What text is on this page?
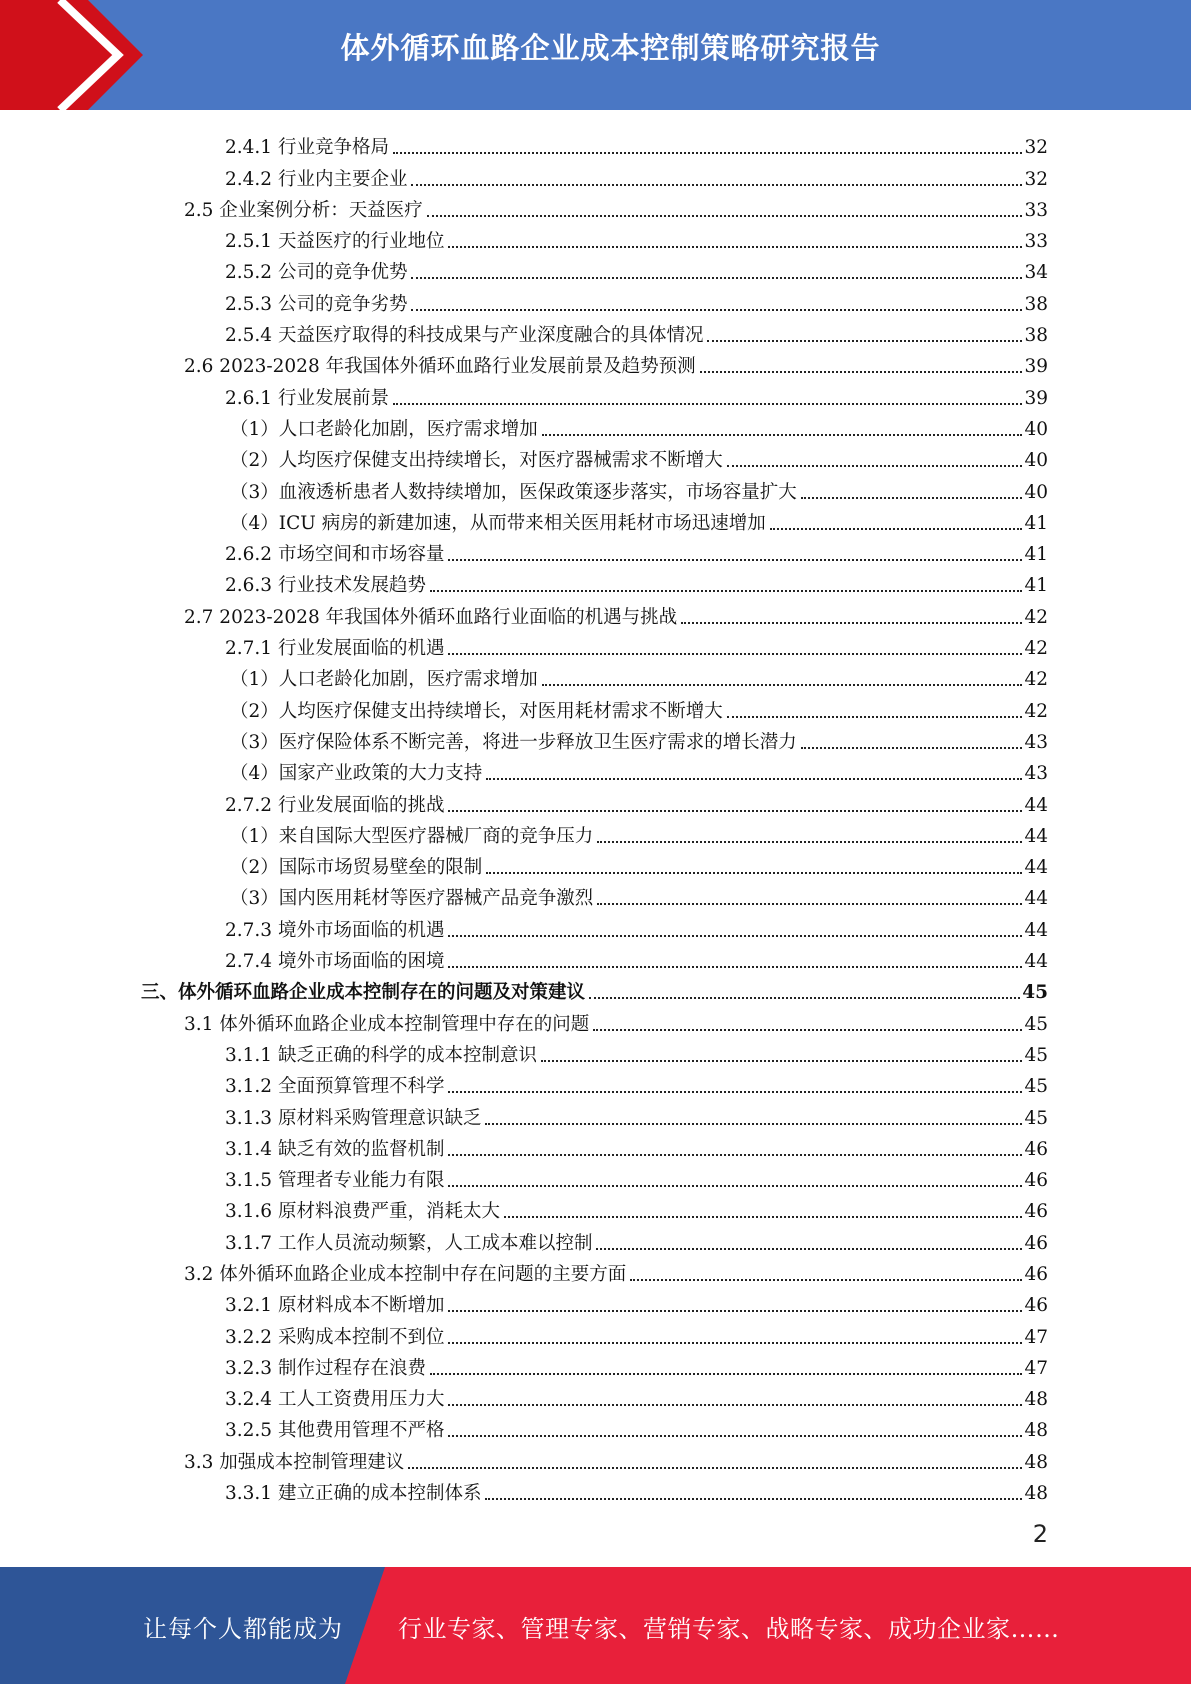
体外循环血路企业成本控制策略研究报告
2.4.1 行业竞争格局	32
2.4.2 行业内主要企业	32
2.5 企业案例分析：天益医疗	33
2.5.1 天益医疗的行业地位	33
2.5.2 公司的竞争优势	34
2.5.3 公司的竞争劣势	38
2.5.4 天益医疗取得的科技成果与产业深度融合的具体情况	38
2.6 2023-2028 年我国体外循环血路行业发展前景及趋势预测	39
2.6.1 行业发展前景	39
（1）人口老龄化加剧，医疗需求增加	40
（2）人均医疗保健支出持续增长，对医疗器械需求不断增大	40
（3）血液透析患者人数持续增加，医保政策逐步落实，市场容量扩大	40
（4）ICU 病房的新建加速，从而带来相关医用耗材市场迅速增加	41
2.6.2 市场空间和市场容量	41
2.6.3 行业技术发展趋势	41
2.7 2023-2028 年我国体外循环血路行业面临的机遇与挑战	42
2.7.1 行业发展面临的机遇	42
（1）人口老龄化加剧，医疗需求增加	42
（2）人均医疗保健支出持续增长，对医用耗材需求不断增大	42
（3）医疗保险体系不断完善，将进一步释放卫生医疗需求的增长潜力	43
（4）国家产业政策的大力支持	43
2.7.2 行业发展面临的挑战	44
（1）来自国际大型医疗器械厂商的竞争压力	44
（2）国际市场贸易壁垒的限制	44
（3）国内医用耗材等医疗器械产品竞争激烈	44
2.7.3 境外市场面临的机遇	44
2.7.4 境外市场面临的困境	44
三、体外循环血路企业成本控制存在的问题及对策建议	45
3.1 体外循环血路企业成本控制管理中存在的问题	45
3.1.1 缺乏正确的科学的成本控制意识	45
3.1.2 全面预算管理不科学	45
3.1.3 原材料采购管理意识缺乏	45
3.1.4 缺乏有效的监督机制	46
3.1.5 管理者专业能力有限	46
3.1.6 原材料浪费严重，消耗太大	46
3.1.7 工作人员流动频繁，人工成本难以控制	46
3.2 体外循环血路企业成本控制中存在问题的主要方面	46
3.2.1 原材料成本不断增加	46
3.2.2 采购成本控制不到位	47
3.2.3 制作过程存在浪费	47
3.2.4 工人工资费用压力大	48
3.2.5 其他费用管理不严格	48
3.3 加强成本控制管理建议	48
3.3.1 建立正确的成本控制体系	48
2
让每个人都能成为 行业专家、管理专家、营销专家、战略专家、成功企业家……
